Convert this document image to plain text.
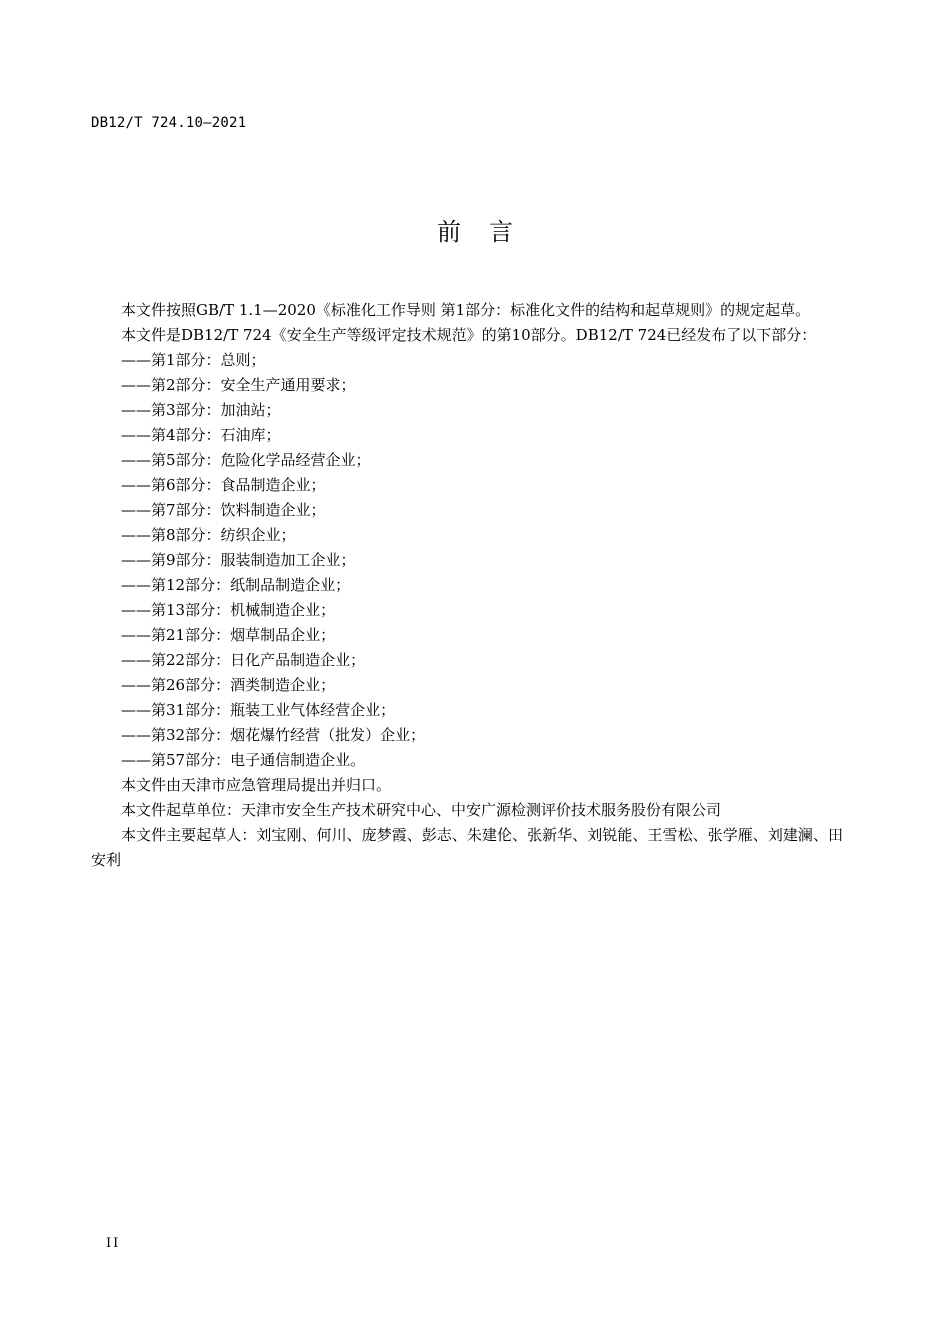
DB12/T 724.10—2021
前言

本文件按照GB/T 1.1—2020《标准化工作导则 第1部分：标准化文件的结构和起草规则》的规定起草。

本文件是DB12/T 724《安全生产等级评定技术规范》的第10部分。DB12/T 724已经发布了以下部分：

——第1部分：总则；
——第2部分：安全生产通用要求；
——第3部分：加油站；
——第4部分：石油库；
——第5部分：危险化学品经营企业；
——第6部分：食品制造企业；
——第7部分：饮料制造企业；
——第8部分：纺织企业；
——第9部分：服装制造加工企业；
——第12部分：纸制品制造企业；
——第13部分：机械制造企业；
——第21部分：烟草制品企业；
——第22部分：日化产品制造企业；
——第26部分：酒类制造企业；
——第31部分：瓶装工业气体经营企业；
——第32部分：烟花爆竹经营（批发）企业；
——第57部分：电子通信制造企业。

本文件由天津市应急管理局提出并归口。

本文件起草单位：天津市安全生产技术研究中心、中安广源检测评价技术服务股份有限公司

本文件主要起草人：刘宝刚、何川、庞梦霞、彭志、朱建伦、张新华、刘锐能、王雪松、张学雁、刘建澜、田安利

II
